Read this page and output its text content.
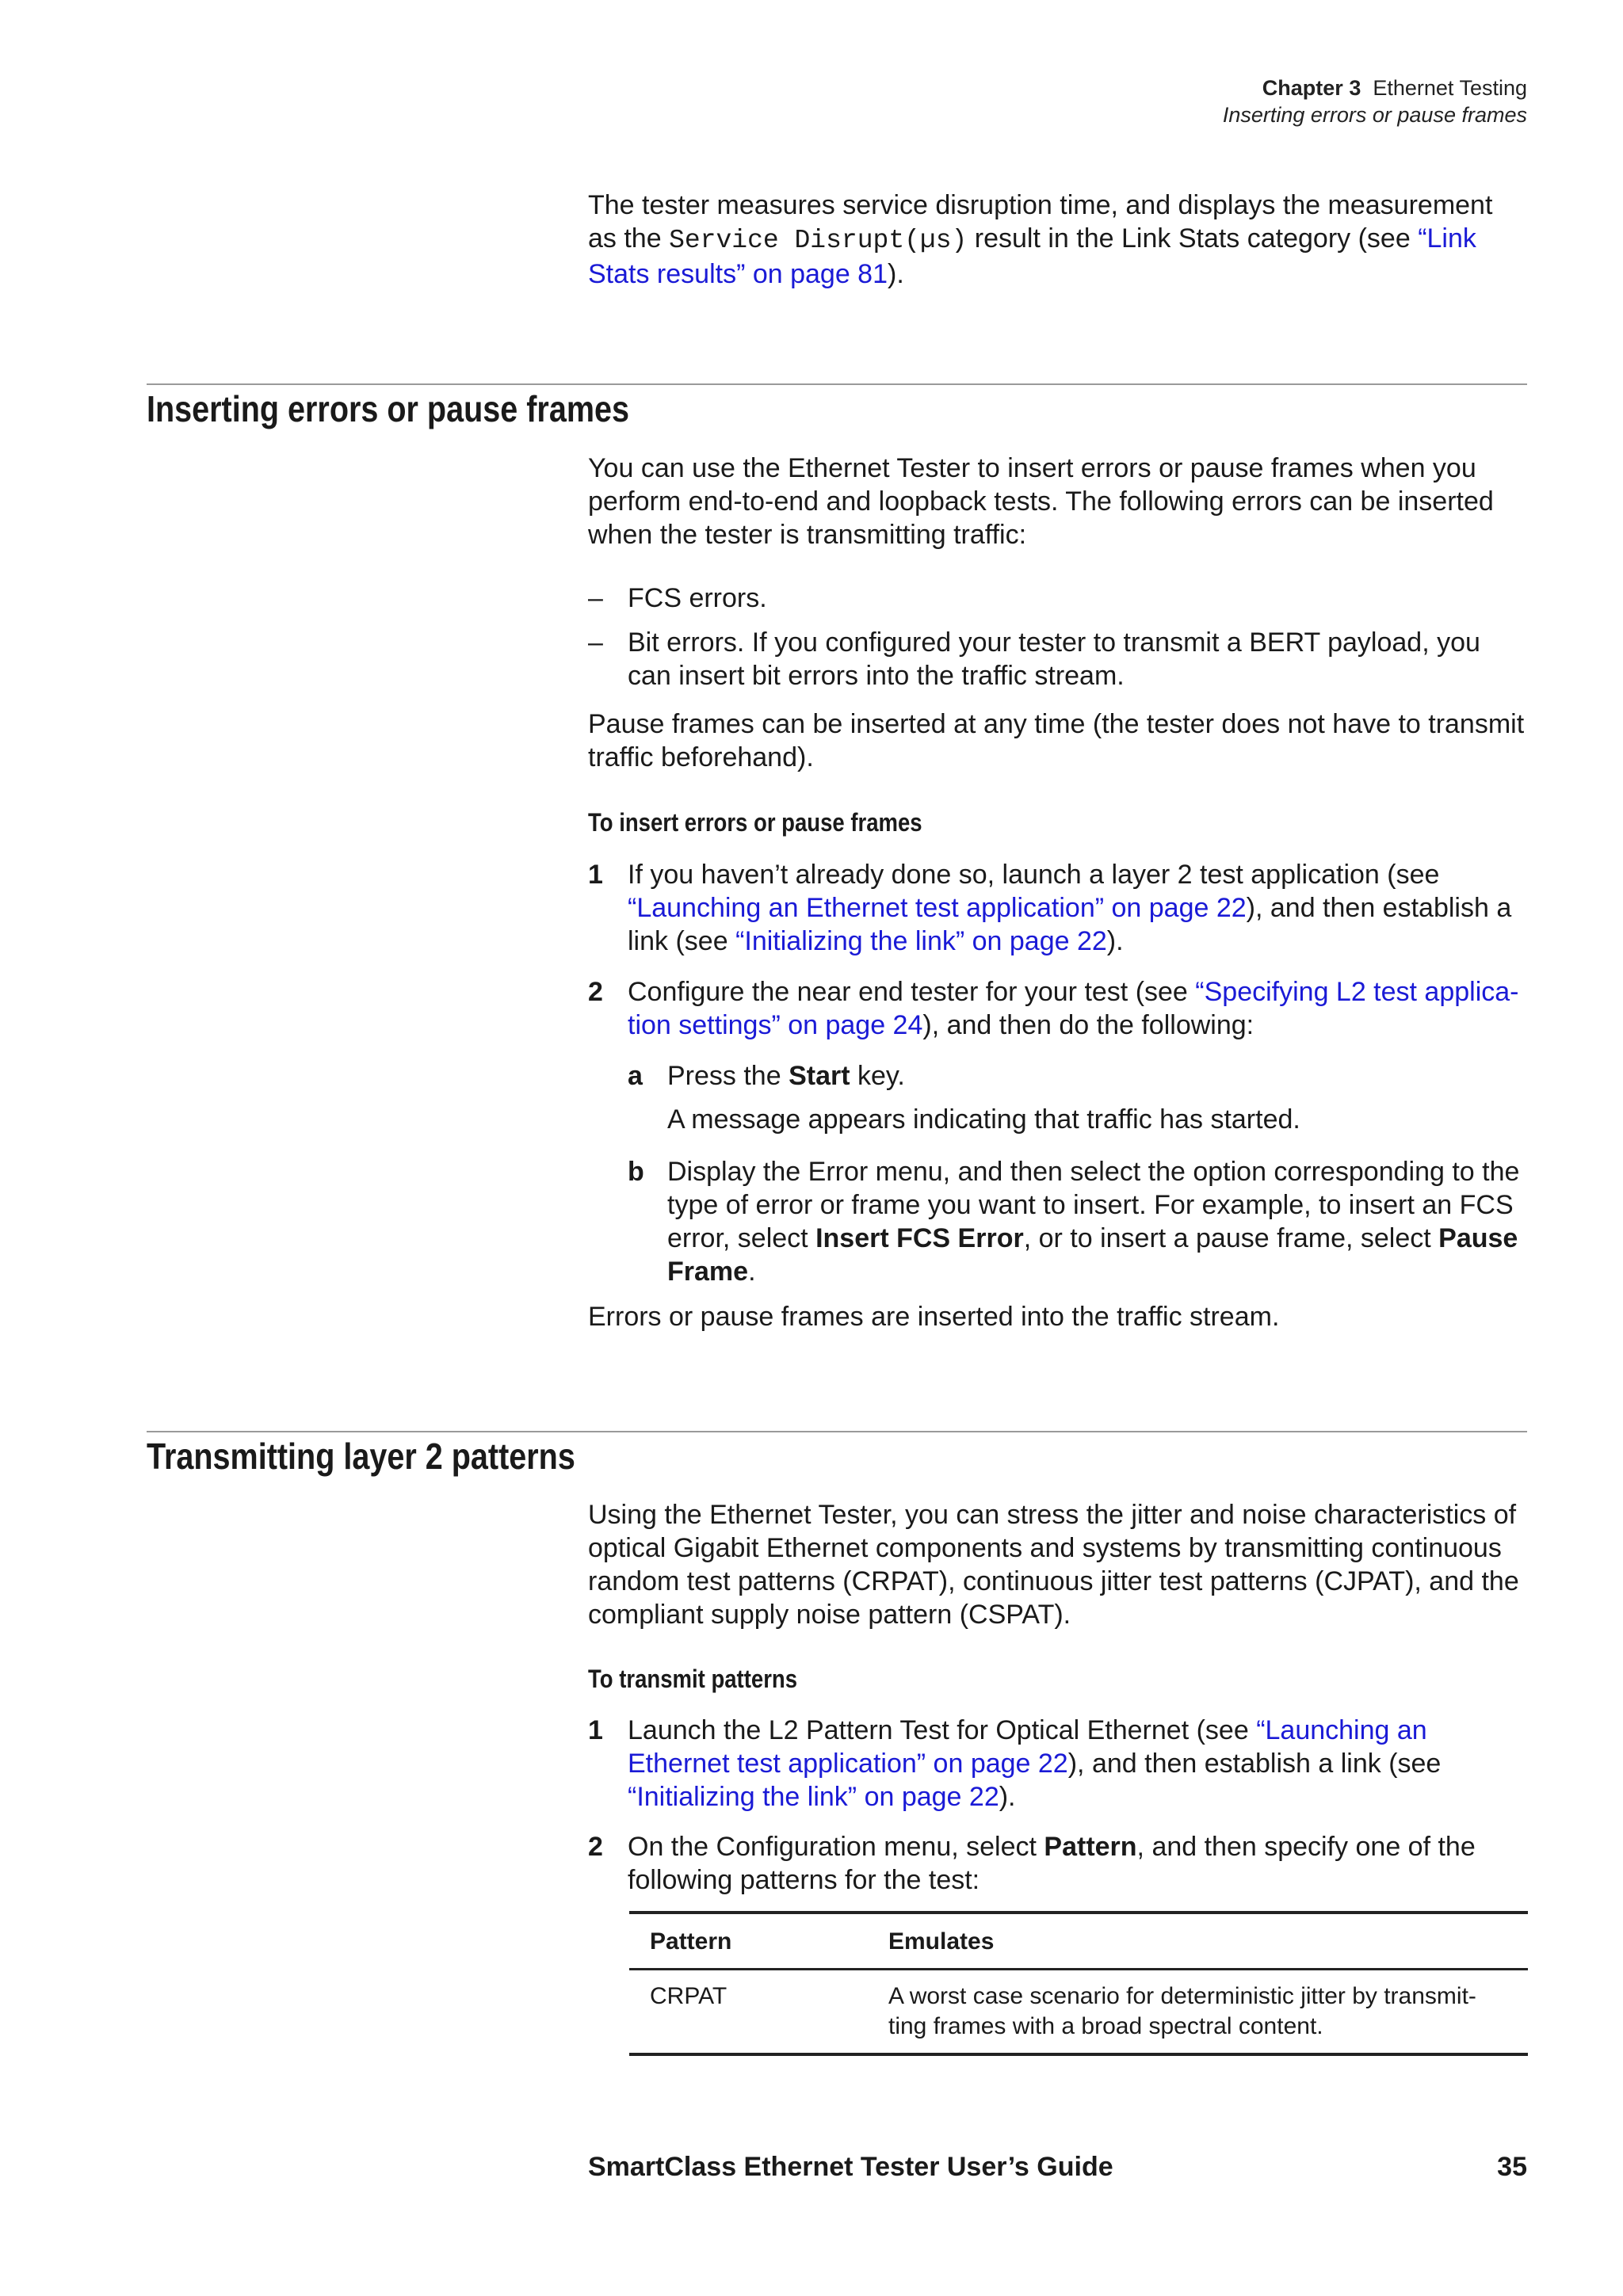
Chapter 3 Ethernet Testing
Inserting errors or pause frames
The tester measures service disruption time, and displays the measurement as the Service Disrupt(µs) result in the Link Stats category (see “Link Stats results” on page 81).
Inserting errors or pause frames
You can use the Ethernet Tester to insert errors or pause frames when you perform end-to-end and loopback tests. The following errors can be inserted when the tester is transmitting traffic:
– FCS errors.
– Bit errors. If you configured your tester to transmit a BERT payload, you can insert bit errors into the traffic stream.
Pause frames can be inserted at any time (the tester does not have to transmit traffic beforehand).
To insert errors or pause frames
1 If you haven’t already done so, launch a layer 2 test application (see “Launching an Ethernet test application” on page 22), and then establish a link (see “Initializing the link” on page 22).
2 Configure the near end tester for your test (see “Specifying L2 test applica-tion settings” on page 24), and then do the following:
a Press the Start key.
A message appears indicating that traffic has started.
b Display the Error menu, and then select the option corresponding to the type of error or frame you want to insert. For example, to insert an FCS error, select Insert FCS Error, or to insert a pause frame, select Pause Frame.
Errors or pause frames are inserted into the traffic stream.
Transmitting layer 2 patterns
Using the Ethernet Tester, you can stress the jitter and noise characteristics of optical Gigabit Ethernet components and systems by transmitting continuous random test patterns (CRPAT), continuous jitter test patterns (CJPAT), and the compliant supply noise pattern (CSPAT).
To transmit patterns
1 Launch the L2 Pattern Test for Optical Ethernet (see “Launching an Ethernet test application” on page 22), and then establish a link (see “Initializing the link” on page 22).
2 On the Configuration menu, select Pattern, and then specify one of the following patterns for the test:
Pattern	Emulates
CRPAT	A worst case scenario for deterministic jitter by transmit-ting frames with a broad spectral content.
SmartClass Ethernet Tester User’s Guide	35
